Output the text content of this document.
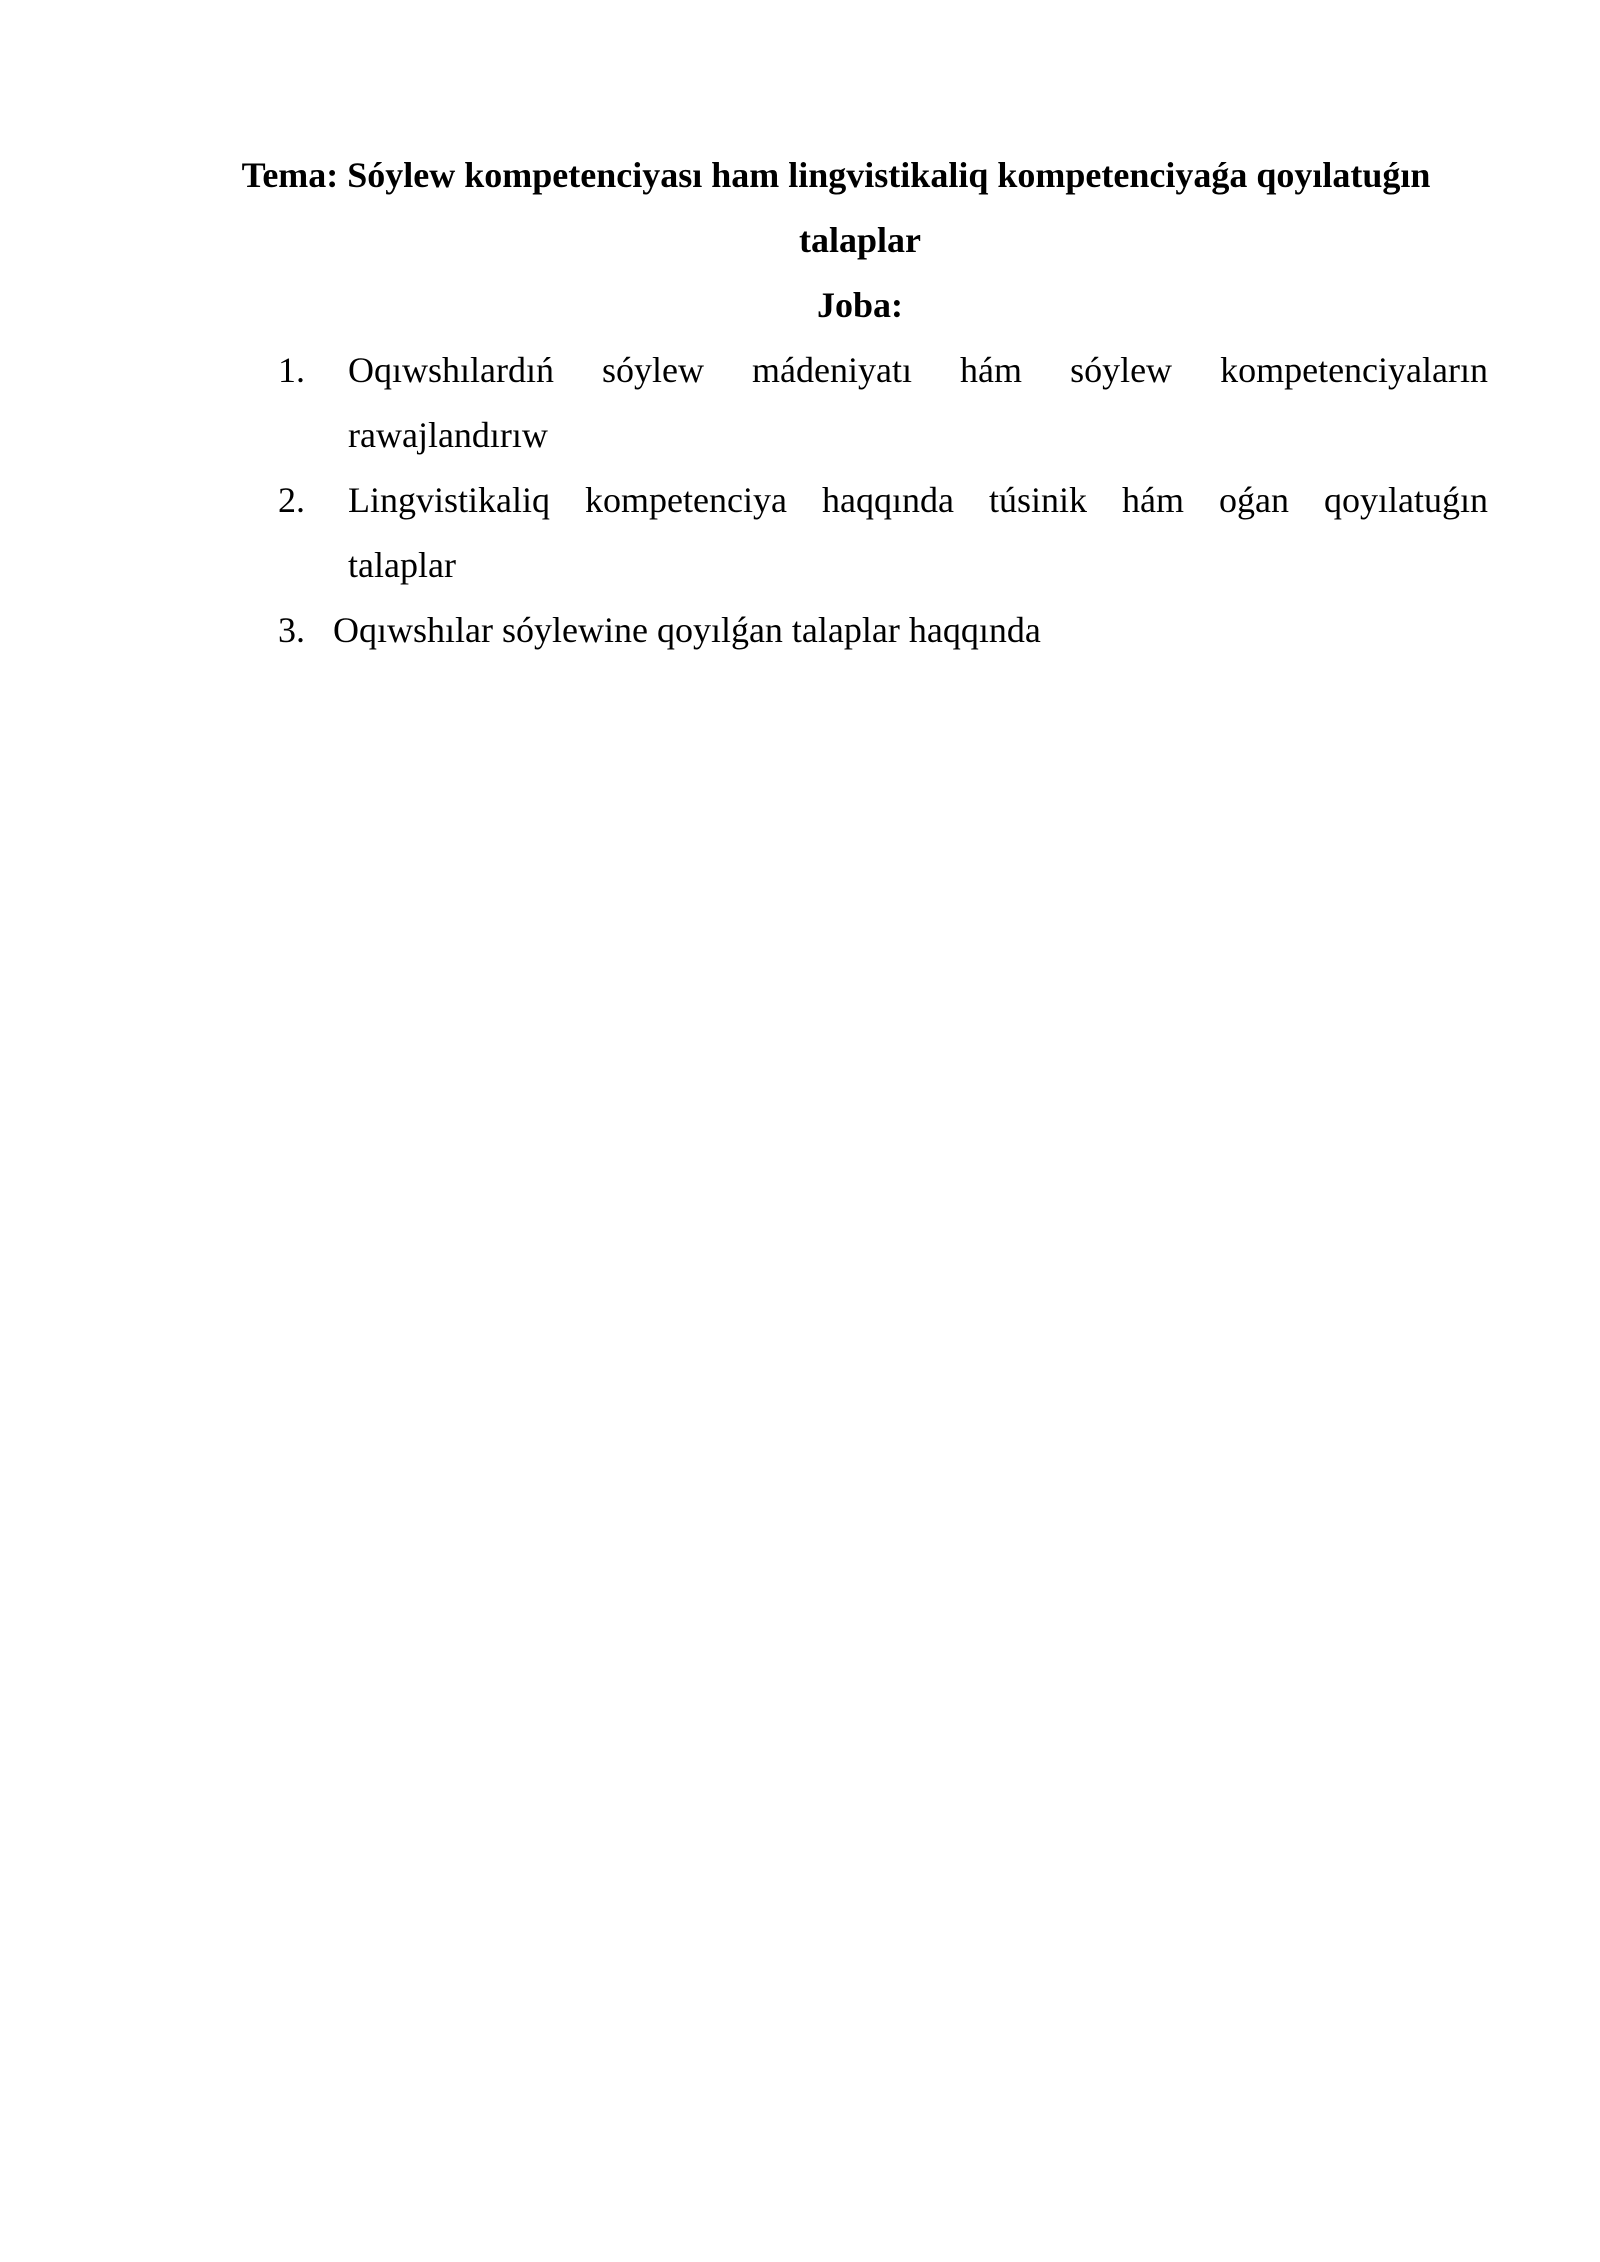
Tema: Sóylew kompetenciyası ham lingvistikaliq kompetenciyaǵa qoyılatuǵın
talaplar
Joba:
1. Oqıwshılardıń sóylew mádeniyatı hám sóylew kompetenciyaların
rawajlandırıw
2. Lingvistikaliq kompetenciya haqqında túsinik hám oǵan qoyılatuǵın
talaplar
3. Oqıwshılar sóylewine qoyılǵan talaplar haqqında
